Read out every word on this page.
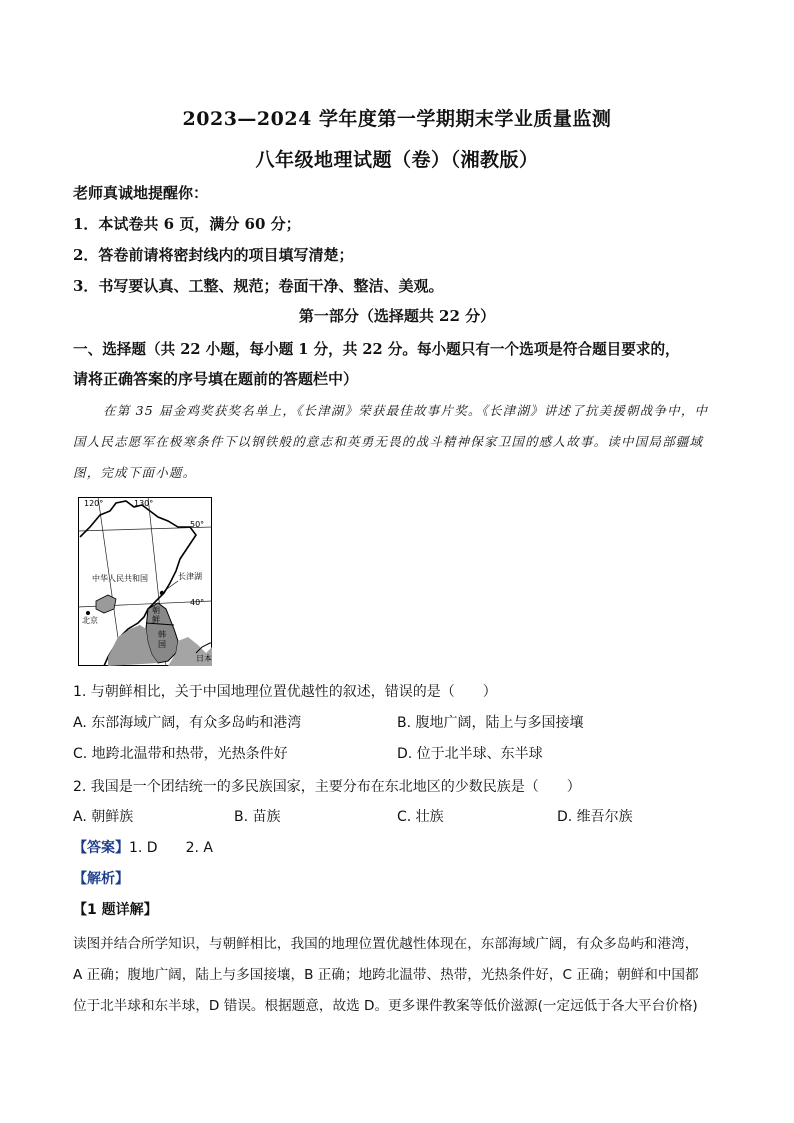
2023—2024 学年度第一学期期末学业质量监测
八年级地理试题（卷）（湘教版）
老师真诚地提醒你：
1．本试卷共 6 页，满分 60 分；
2．答卷前请将密封线内的项目填写清楚；
3．书写要认真、工整、规范；卷面干净、整洁、美观。
第一部分（选择题共 22 分）
一、选择题（共 22 小题，每小题 1 分，共 22 分。每小题只有一个选项是符合题目要求的，
请将正确答案的序号填在题前的答题栏中）
在第 35 届金鸡奖获奖名单上，《长津湖》荣获最佳故事片奖。《长津湖》讲述了抗美援朝战争中，中
国人民志愿军在极寒条件下以钢铁般的意志和英勇无畏的战斗精神保家卫国的感人故事。读中国局部疆域
图，完成下面小题。
120°	130°
50°
40°
中华人民共和国	长津湖
朝
鲜
韩
国
北京
日本
1. 与朝鲜相比，关于中国地理位置优越性的叙述，错误的是（　　）
A. 东部海域广阔，有众多岛屿和港湾	B. 腹地广阔，陆上与多国接壤
C. 地跨北温带和热带，光热条件好	D. 位于北半球、东半球
2. 我国是一个团结统一的多民族国家，主要分布在东北地区的少数民族是（　　）
A. 朝鲜族	B. 苗族	C. 壮族	D. 维吾尔族
【答案】1. D　　2. A
【解析】
【1 题详解】
读图并结合所学知识，与朝鲜相比，我国的地理位置优越性体现在，东部海域广阔，有众多岛屿和港湾，
A 正确；腹地广阔，陆上与多国接壤，B 正确；地跨北温带、热带，光热条件好，C 正确；朝鲜和中国都
位于北半球和东半球，D 错误。根据题意，故选 D。更多课件教案等低价滋源(一定远低于各大平台价格)
